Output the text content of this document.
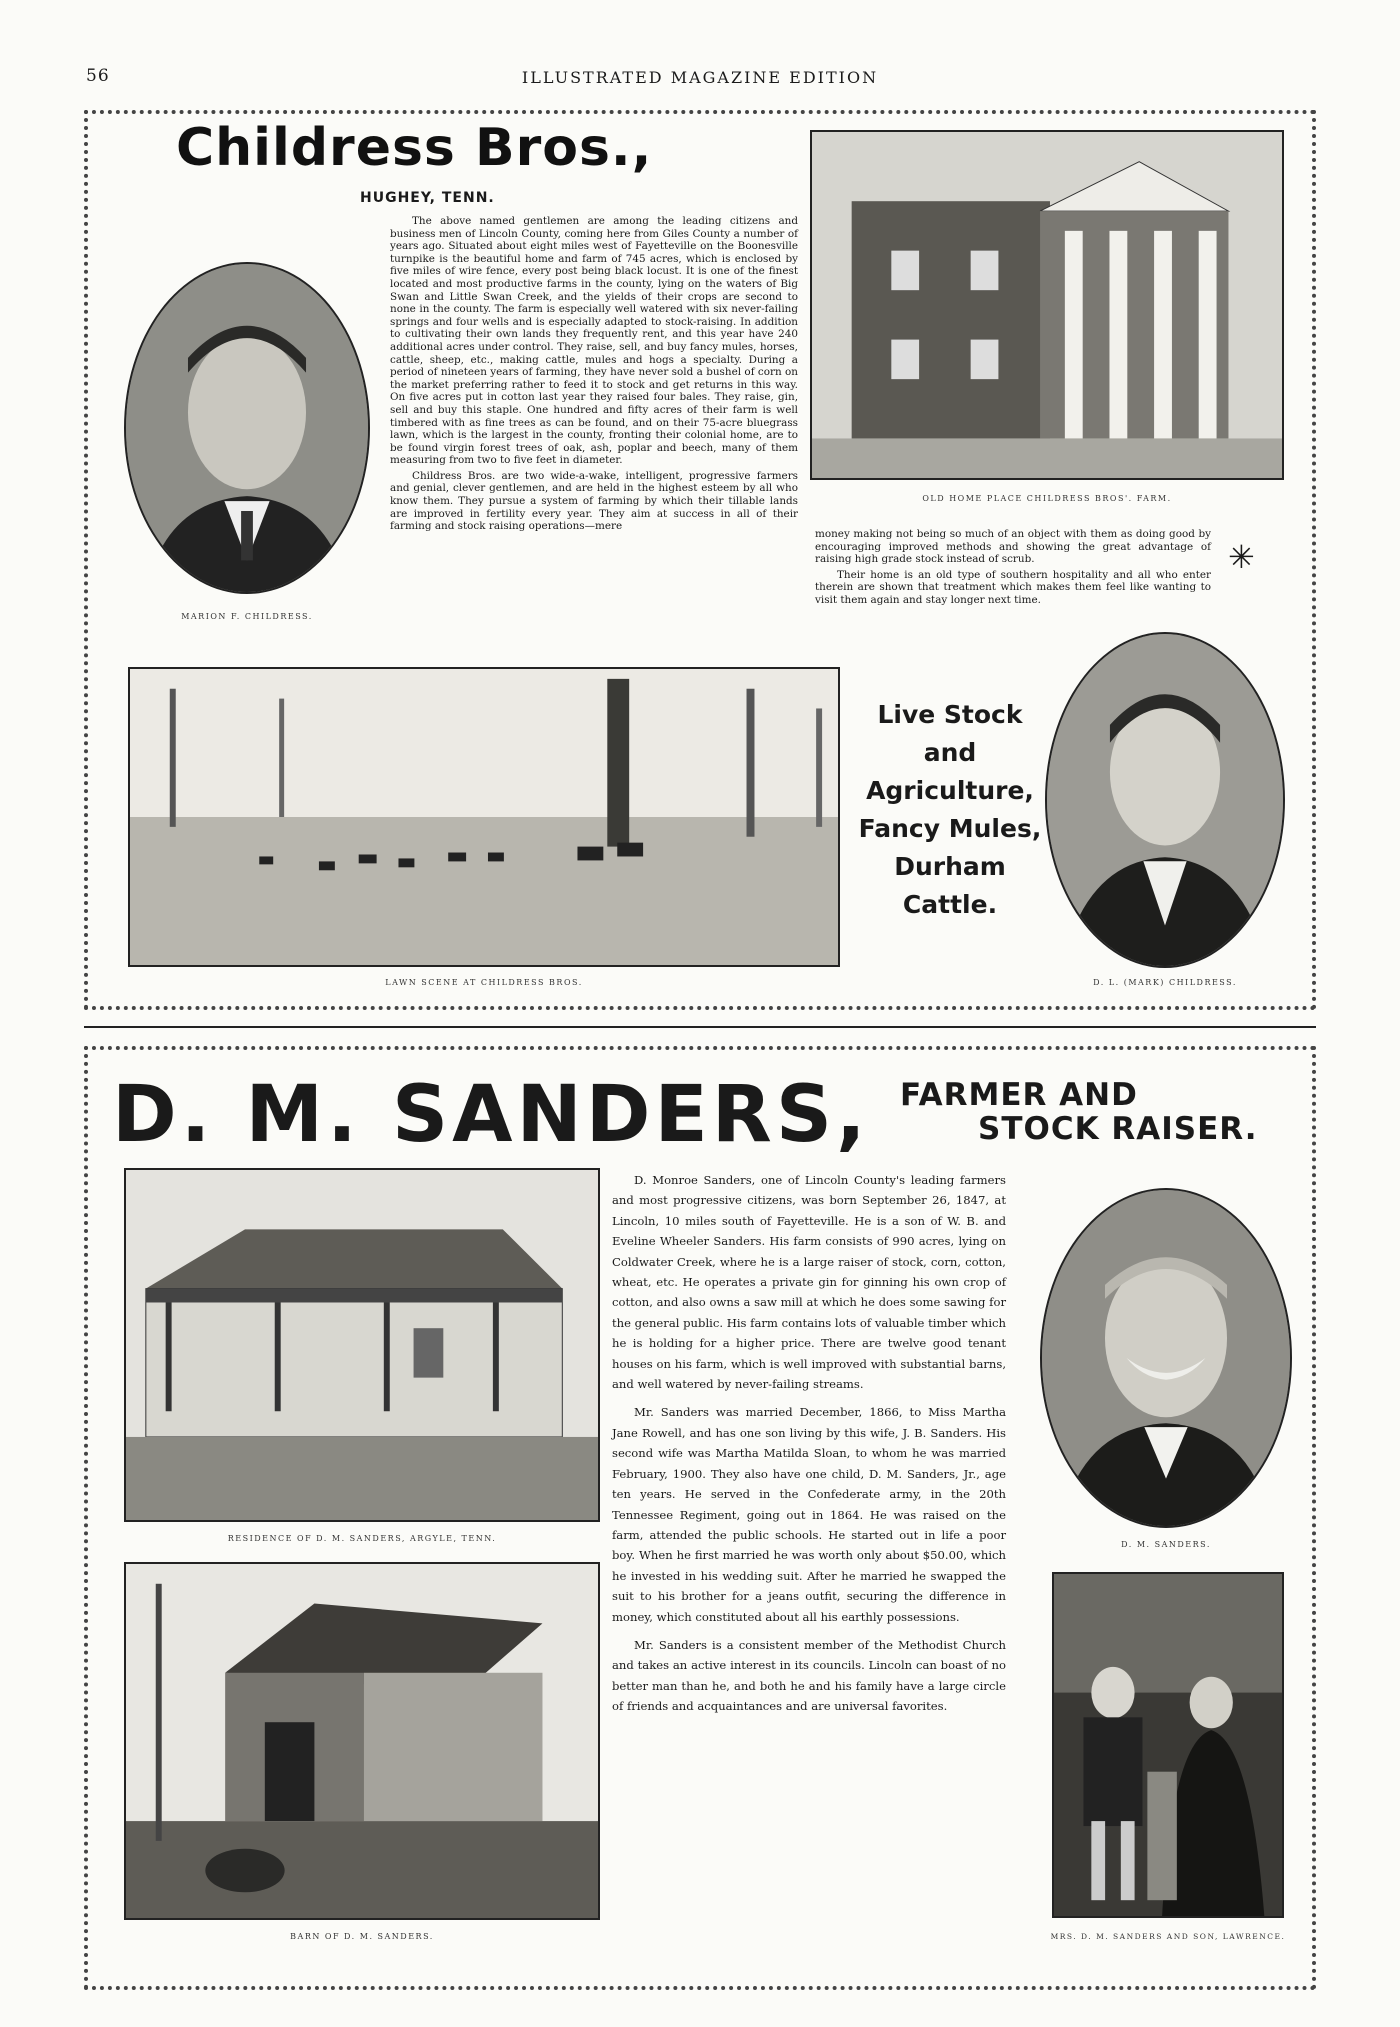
56	ILLUSTRATED MAGAZINE EDITION
Childress Bros.,
HUGHEY, TENN.
MARION F. CHILDRESS.

The above named gentlemen are among the leading citizens and business men of Lincoln County, coming here from Giles County a number of years ago. Situated about eight miles west of Fayetteville on the Boonesville turnpike is the beautiful home and farm of 745 acres, which is enclosed by five miles of wire fence, every post being black locust. It is one of the finest located and most productive farms in the county, lying on the waters of Big Swan and Little Swan Creek, and the yields of their crops are second to none in the county. The farm is especially well watered with six never-failing springs and four wells and is especially adapted to stock-raising. In addition to cultivating their own lands they frequently rent, and this year have 240 additional acres under control. They raise, sell, and buy fancy mules, horses, cattle, sheep, etc., making cattle, mules and hogs a specialty. During a period of nineteen years of farming, they have never sold a bushel of corn on the market preferring rather to feed it to stock and get returns in this way. On five acres put in cotton last year they raised four bales. They raise, gin, sell and buy this staple. One hundred and fifty acres of their farm is well timbered with as fine trees as can be found, and on their 75-acre bluegrass lawn, which is the largest in the county, fronting their colonial home, are to be found virgin forest trees of oak, ash, poplar and beech, many of them measuring from two to five feet in diameter.

Childress Bros. are two wide-a-wake, intelligent, progressive farmers and genial, clever gentlemen, and are held in the highest esteem by all who know them. They pursue a system of farming by which their tillable lands are improved in fertility every year. They aim at success in all of their farming and stock raising operations—mere

OLD HOME PLACE CHILDRESS BROS'. FARM.

money making not being so much of an object with them as doing good by encouraging improved methods and showing the great advantage of raising high grade stock instead of scrub.

Their home is an old type of southern hospitality and all who enter therein are shown that treatment which makes them feel like wanting to visit them again and stay longer next time.

✳
LAWN SCENE AT CHILDRESS BROS.
Live Stock
and
Agriculture,
Fancy Mules,
Durham
Cattle.
D. L. (MARK) CHILDRESS.
D. M. SANDERS, FARMER AND
STOCK RAISER.
RESIDENCE OF D. M. SANDERS, ARGYLE, TENN.
BARN OF D. M. SANDERS.

D. Monroe Sanders, one of Lincoln County's leading farmers and most progressive citizens, was born September 26, 1847, at Lincoln, 10 miles south of Fayetteville. He is a son of W. B. and Eveline Wheeler Sanders. His farm consists of 990 acres, lying on Coldwater Creek, where he is a large raiser of stock, corn, cotton, wheat, etc. He operates a private gin for ginning his own crop of cotton, and also owns a saw mill at which he does some sawing for the general public. His farm contains lots of valuable timber which he is holding for a higher price. There are twelve good tenant houses on his farm, which is well improved with substantial barns, and well watered by never-failing streams.

Mr. Sanders was married December, 1866, to Miss Martha Jane Rowell, and has one son living by this wife, J. B. Sanders. His second wife was Martha Matilda Sloan, to whom he was married February, 1900. They also have one child, D. M. Sanders, Jr., age ten years. He served in the Confederate army, in the 20th Tennessee Regiment, going out in 1864. He was raised on the farm, attended the public schools. He started out in life a poor boy. When he first married he was worth only about $50.00, which he invested in his wedding suit. After he married he swapped the suit to his brother for a jeans outfit, securing the difference in money, which constituted about all his earthly possessions.

Mr. Sanders is a consistent member of the Methodist Church and takes an active interest in its councils. Lincoln can boast of no better man than he, and both he and his family have a large circle of friends and acquaintances and are universal favorites.

D. M. SANDERS.
MRS. D. M. SANDERS AND SON, LAWRENCE.
